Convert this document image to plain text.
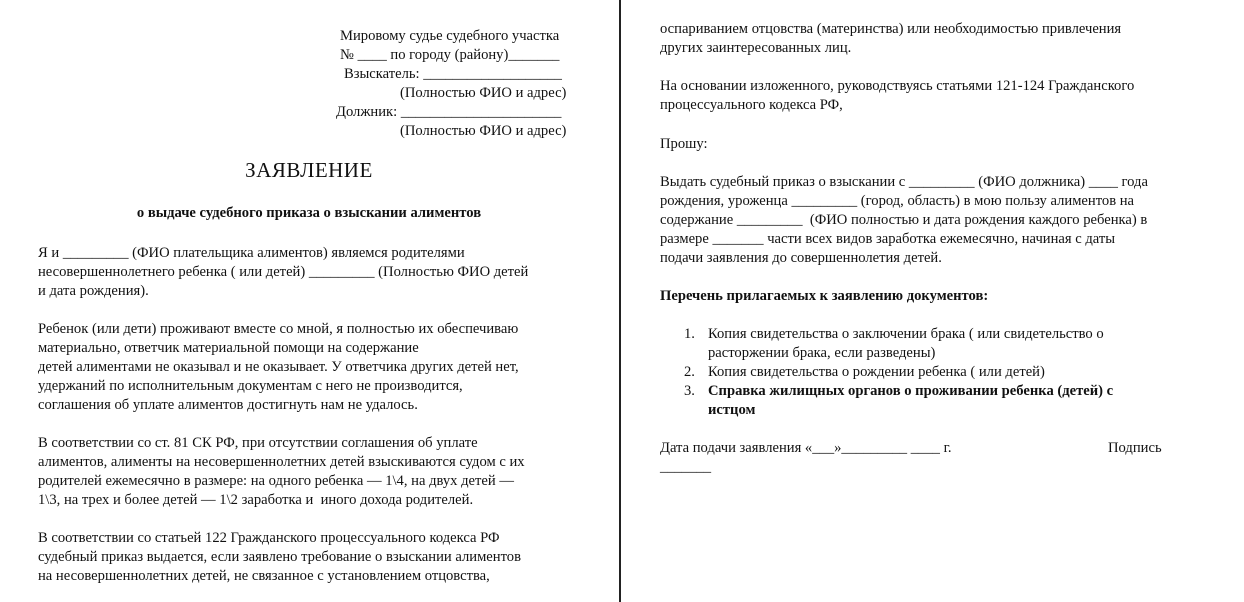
Мировому судье судебного участка
№ ____ по городу (району)_______
Взыскатель: ___________________
(Полностью ФИО и адрес)
Должник: ______________________
(Полностью ФИО и адрес)
ЗАЯВЛЕНИЕ
о выдаче судебного приказа о взыскании алиментов
Я и _________ (ФИО плательщика алиментов) являемся родителями
несовершеннолетнего ребенка ( или детей) _________ (Полностью ФИО детей
и дата рождения).
Ребенок (или дети) проживают вместе со мной, я полностью их обеспечиваю
материально, ответчик материальной помощи на содержание
детей алиментами не оказывал и не оказывает. У ответчика других детей нет,
удержаний по исполнительным документам с него не производится,
соглашения об уплате алиментов достигнуть нам не удалось.
В соответствии со ст. 81 СК РФ, при отсутствии соглашения об уплате
алиментов, алименты на несовершеннолетних детей взыскиваются судом с их
родителей ежемесячно в размере: на одного ребенка — 1\4, на двух детей —
1\3, на трех и более детей — 1\2 заработка и  иного дохода родителей.
В соответствии со статьей 122 Гражданского процессуального кодекса РФ
судебный приказ выдается, если заявлено требование о взыскании алиментов
на несовершеннолетних детей, не связанное с установлением отцовства,
оспариванием отцовства (материнства) или необходимостью привлечения
других заинтересованных лиц.
На основании изложенного, руководствуясь статьями 121-124 Гражданского
процессуального кодекса РФ,
Прошу:
Выдать судебный приказ о взыскании с _________ (ФИО должника) ____ года
рождения, уроженца _________ (город, область) в мою пользу алиментов на
содержание _________  (ФИО полностью и дата рождения каждого ребенка) в
размере _______ части всех видов заработка ежемесячно, начиная с даты
подачи заявления до совершеннолетия детей.
Перечень прилагаемых к заявлению документов:
1. Копия свидетельства о заключении брака ( или свидетельство о
расторжении брака, если разведены)
2. Копия свидетельства о рождении ребенка ( или детей)
3. Справка жилищных органов о проживании ребенка (детей) с
истцом
Дата подачи заявления «___»_________ ____ г.	Подпись
_______
